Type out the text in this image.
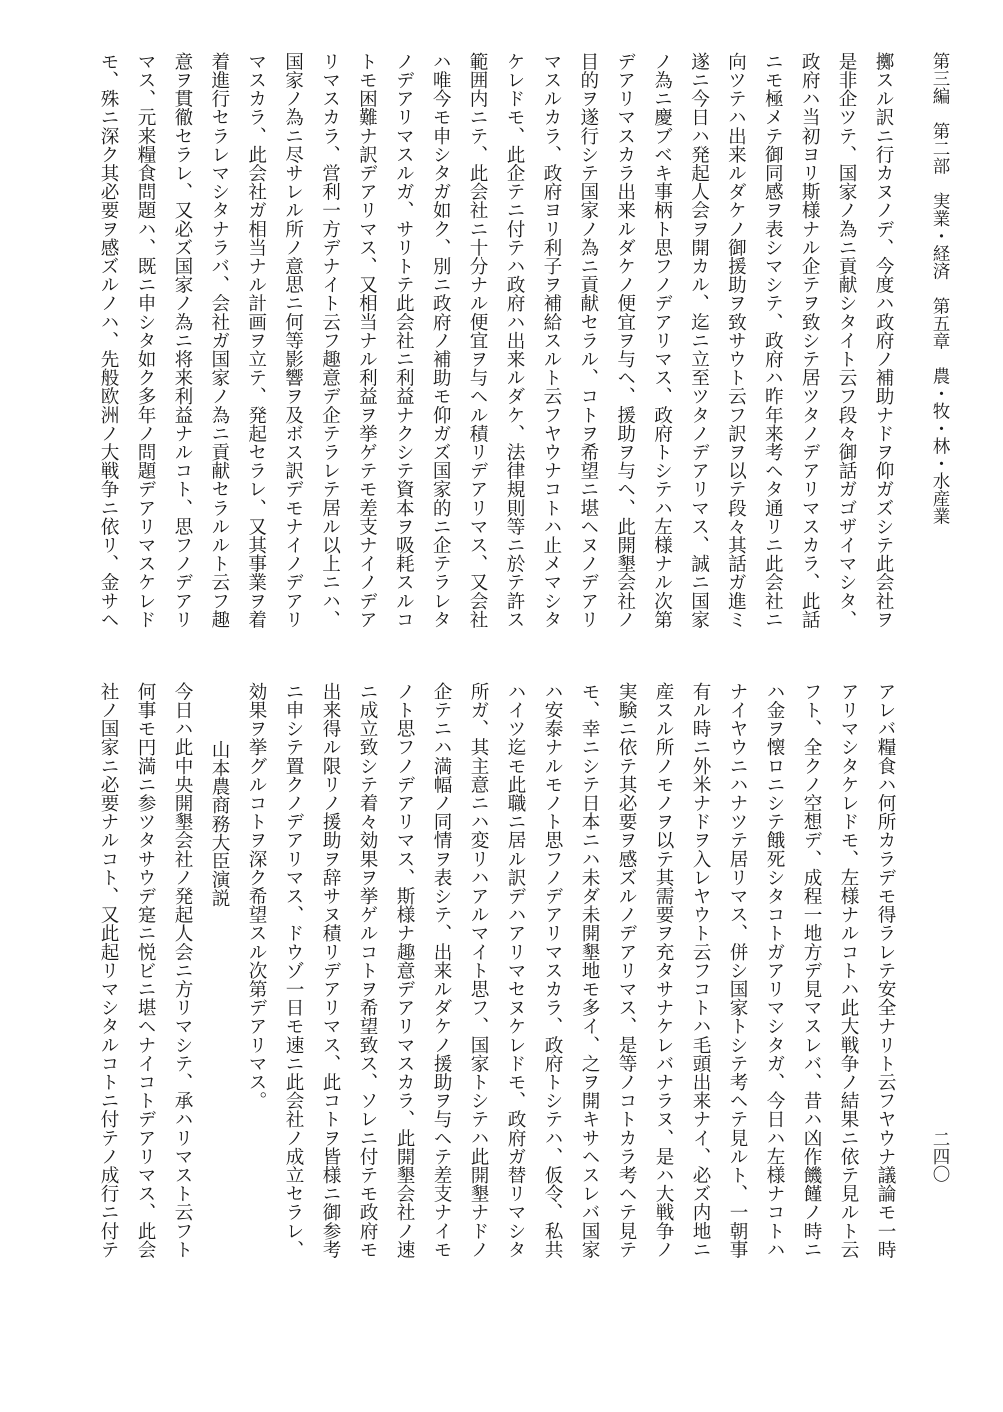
第三編　第二部　実業・経済　第五章　農・牧・林・水産業
二四〇
擲スル訳ニ行カヌノデ、今度ハ政府ノ補助ナドヲ仰ガズシテ此会社ヲ
是非企ツテ、国家ノ為ニ貢献シタイト云フ段々御話ガゴザイマシタ、
政府ハ当初ヨリ斯様ナル企テヲ致シテ居ツタノデアリマスカラ、此話
ニモ極メテ御同感ヲ表シマシテ、政府ハ昨年来考ヘタ通リニ此会社ニ
向ツテハ出来ルダケノ御援助ヲ致サウト云フ訳ヲ以テ段々其話ガ進ミ
遂ニ今日ハ発起人会ヲ開カル、迄ニ立至ツタノデアリマス、誠ニ国家
ノ為ニ慶ブベキ事柄ト思フノデアリマス、政府トシテハ左様ナル次第
デアリマスカラ出来ルダケノ便宜ヲ与ヘ、援助ヲ与ヘ、此開墾会社ノ
目的ヲ遂行シテ国家ノ為ニ貢献セラル、コトヲ希望ニ堪ヘヌノデアリ
マスルカラ、政府ヨリ利子ヲ補給スルト云フヤウナコトハ止メマシタ
ケレドモ、此企テニ付テハ政府ハ出来ルダケ、法律規則等ニ於テ許ス
範囲内ニテ、此会社ニ十分ナル便宜ヲ与ヘル積リデアリマス、又会社
ハ唯今モ申シタガ如ク、別ニ政府ノ補助モ仰ガズ国家的ニ企テラレタ
ノデアリマスルガ、サリトテ此会社ニ利益ナクシテ資本ヲ吸耗スルコ
トモ困難ナ訳デアリマス、又相当ナル利益ヲ挙ゲテモ差支ナイノデア
リマスカラ、営利一方デナイト云フ趣意デ企テラレテ居ル以上ニハ、
国家ノ為ニ尽サレル所ノ意思ニ何等影響ヲ及ボス訳デモナイノデアリ
マスカラ、此会社ガ相当ナル計画ヲ立テ、発起セラレ、又其事業ヲ着
着進行セラレマシタナラバ、会社ガ国家ノ為ニ貢献セラルルト云フ趣
意ヲ貫徹セラレ、又必ズ国家ノ為ニ将来利益ナルコト、思フノデアリ
マス、元来糧食問題ハ、既ニ申シタ如ク多年ノ問題デアリマスケレド
モ、殊ニ深ク其必要ヲ感ズルノハ、先般欧洲ノ大戦争ニ依リ、金サヘ
アレバ糧食ハ何所カラデモ得ラレテ安全ナリト云フヤウナ議論モ一時
アリマシタケレドモ、左様ナルコトハ此大戦争ノ結果ニ依テ見ルト云
フト、全クノ空想デ、成程一地方デ見マスレバ、昔ハ凶作饑饉ノ時ニ
ハ金ヲ懐ロニシテ餓死シタコトガアリマシタガ、今日ハ左様ナコトハ
ナイヤウニハナツテ居リマス、併シ国家トシテ考ヘテ見ルト、一朝事
有ル時ニ外米ナドヲ入レヤウト云フコトハ毛頭出来ナイ、必ズ内地ニ
産スル所ノモノヲ以テ其需要ヲ充タサナケレバナラヌ、是ハ大戦争ノ
実験ニ依テ其必要ヲ感ズルノデアリマス、是等ノコトカラ考ヘテ見テ
モ、幸ニシテ日本ニハ未ダ未開墾地モ多イ、之ヲ開キサヘスレバ国家
ハ安泰ナルモノト思フノデアリマスカラ、政府トシテハ、仮令、私共
ハイツ迄モ此職ニ居ル訳デハアリマセヌケレドモ、政府ガ替リマシタ
所ガ、其主意ニハ変リハアルマイト思フ、国家トシテハ此開墾ナドノ
企テニハ満幅ノ同情ヲ表シテ、出来ルダケノ援助ヲ与ヘテ差支ナイモ
ノト思フノデアリマス、斯様ナ趣意デアリマスカラ、此開墾会社ノ速
ニ成立致シテ着々効果ヲ挙ゲルコトヲ希望致ス、ソレニ付テモ政府モ
出来得ル限リノ援助ヲ辞サヌ積リデアリマス、此コトヲ皆様ニ御参考
ニ申シテ置クノデアリマス、ドウゾ一日モ速ニ此会社ノ成立セラレ、
効果ヲ挙グルコトヲ深ク希望スル次第デアリマス。
山本農商務大臣演説
今日ハ此中央開墾会社ノ発起人会ニ方リマシテ、承ハリマスト云フト
何事モ円満ニ参ツタサウデ寔ニ悦ビニ堪ヘナイコトデアリマス、此会
社ノ国家ニ必要ナルコト、又此起リマシタルコトニ付テノ成行ニ付テ
